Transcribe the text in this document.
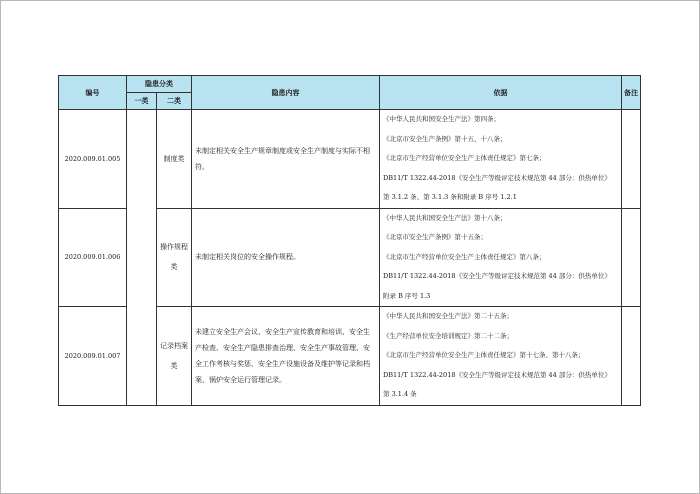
编号	隐患分类		隐患内容	依据	备注
	一类	二类			
2020.009.01.005		制度类	未制定相关安全生产规章制度或安全生产制度与实际不相符。	《中华人民共和国安全生产法》第四条；
《北京市安全生产条例》第十五、十八条；
《北京市生产经营单位安全生产主体责任规定》第七条；
DB11/T 1322.44-2018《安全生产等级评定技术规范第 44 部分：供热单位》
第 3.1.2 条、第 3.1.3 条和附录 B 序号 1.2.1	

2020.009.01.006		操作规程类	未制定相关岗位的安全操作规程。	《中华人民共和国安全生产法》第十八条；
《北京市安全生产条例》第十五条；
《北京市生产经营单位安全生产主体责任规定》第八条；
DB11/T 1322.44-2018《安全生产等级评定技术规范第 44 部分：供热单位》
附录 B 序号 1.3	

2020.009.01.007		记录档案类	未建立安全生产会议、安全生产宣传教育和培训、安全生产检查、安全生产隐患排查治理、安全生产事故管理、安全工作考核与奖惩、安全生产设施设备及维护等记录和档案、锅炉安全运行管理记录。	《中华人民共和国安全生产法》第二十五条；
《生产经营单位安全培训规定》第二十二条；
《北京市生产经营单位安全生产主体责任规定》第十七条、第十八条；
DB11/T 1322.44-2018《安全生产等级评定技术规范第 44 部分：供热单位》
第 3.1.4 条	
